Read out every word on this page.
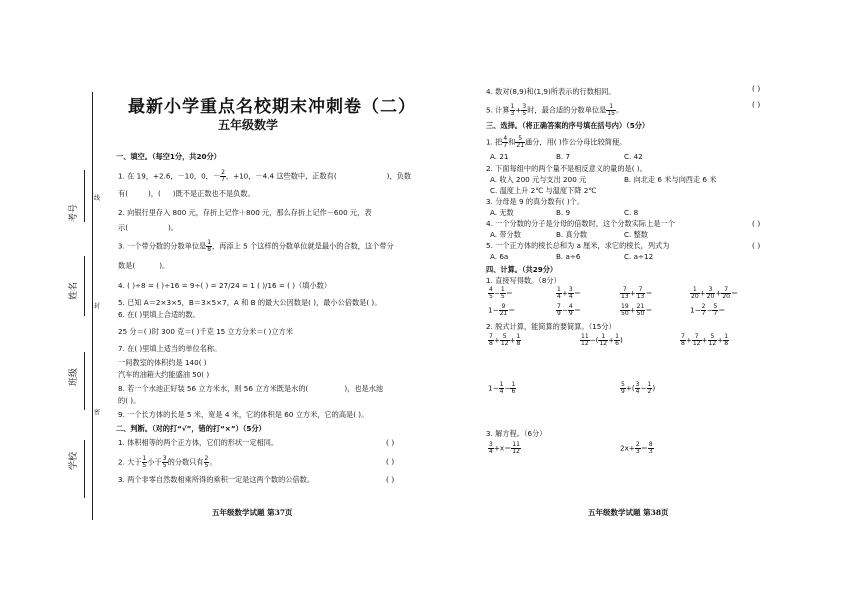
考号
姓名
班级
学校
线
封
密
最新小学重点名校期末冲刺卷（二）
五年级数学
一、填空。（每空1分，共20分）
1. 在 19，+2.6，－10，0，－ $\frac{2}{7}$ ，+10，－4.4 这些数中，正数有(	)，负数
有(	)，( )既不是正数也不是负数。
2. 向银行里存入 800 元，存折上记作＋800 元，那么存折上记作－600 元，表
示(	)。
3. 一个带分数的分数单位是 $\frac{1}{8}$ ，再添上 5 个这样的分数单位就是最小的合数，这个带分
数是(	)。
4. ( )÷8 = ( )÷16 = 9÷( ) = 27/24 = 1 ( )/16 = ( )（填小数）
5. 已知 A＝2×3×5，B＝3×5×7，A 和 B 的最大公因数是( )，最小公倍数是( )。
6. 在( )里填上合适的数。
25 分＝( )时 300 克＝( )千克 15 立方分米＝( )立方米
7. 在( )里填上适当的单位名称。
一间教室的体积约是 140( )
汽车的油箱大约能盛油 50( )
8. 若一个水池正好装 56 立方米水，则 56 立方米既是水的(	)，也是水池
的( )。
9. 一个长方体的长是 5 米，宽是 4 米，它的体积是 60 立方米，它的高是( )。
二、判断。（对的打“√”，错的打“×”）（5分）
1. 体积相等的两个正方体，它们的形状一定相同。	( )
2. 大于 $\frac{1}{5}$ 小于 $\frac{3}{5}$ 的分数只有 $\frac{2}{5}$ 。	( )
3. 两个非零自然数相乘所得的乘积一定是这两个数的公倍数。	( )
五年级数学试题 第37页
( )
4. 数对(8,9)和(1,9)所表示的行数相同。
( )
5. 计算 $\frac{1}{3} + \frac{3}{5}$ 时，最合适的分数单位是 $\frac{1}{15}$ 。
三、选择。（将正确答案的序号填在括号内）（5分）
1. 把 $\frac{4}{7}$ 和 $\frac{5}{21}$ 通分，用( )作公分母比较简便。
A. 21	B. 7	C. 42
2. 下面每组中的两个量不是相反意义的量的是( )。
A. 收入 200 元与支出 200 元	B. 向北走 6 米与向西走 6 米
C. 温度上升 2℃ 与温度下降 2℃
3. 分母是 9 的真分数有( )个。
A. 无数	B. 9	C. 8
4. 一个分数的分子是分母的倍数时，这个分数实际上是一个	( )
A. 带分数	B. 真分数	C. 整数
5. 一个正方体的棱长总和为 a 厘米，求它的棱长，列式为	( )
A. 6a	B. a÷6	C. a÷12
四、计算。（共29分）
1. 直接写得数。（8分）
$\frac{4}{5} - \frac{1}{5}$ ＝	$\frac{1}{4} + \frac{3}{4}$ ＝	$\frac{7}{13} + \frac{7}{13}$ ＝	$\frac{1}{20} + \frac{3}{20} + \frac{7}{20}$ ＝
$1- \frac{9}{21}$ ＝	$\frac{7}{9} - \frac{4}{9}$ ＝	$\frac{19}{50} + \frac{21}{50}$ ＝	$1- \frac{2}{7} - \frac{5}{7}$ ＝
2. 脱式计算，能简算的要简算。（15分）
$\frac{7}{8} + \frac{5}{12} + \frac{1}{8}$	$\frac{11}{12}$ −( $\frac{1}{12} + \frac{1}{6}$ )	$\frac{7}{8} + \frac{7}{12} + \frac{5}{12} + \frac{1}{8}$
$1- \frac{1}{4} - \frac{1}{6}$	$\frac{5}{9}$ +( $\frac{3}{4} - \frac{1}{2}$ )
3. 解方程。（6分）
$\frac{3}{4} +x= \frac{11}{12}$	$2x+ \frac{2}{3} = \frac{8}{3}$
五年级数学试题 第38页
